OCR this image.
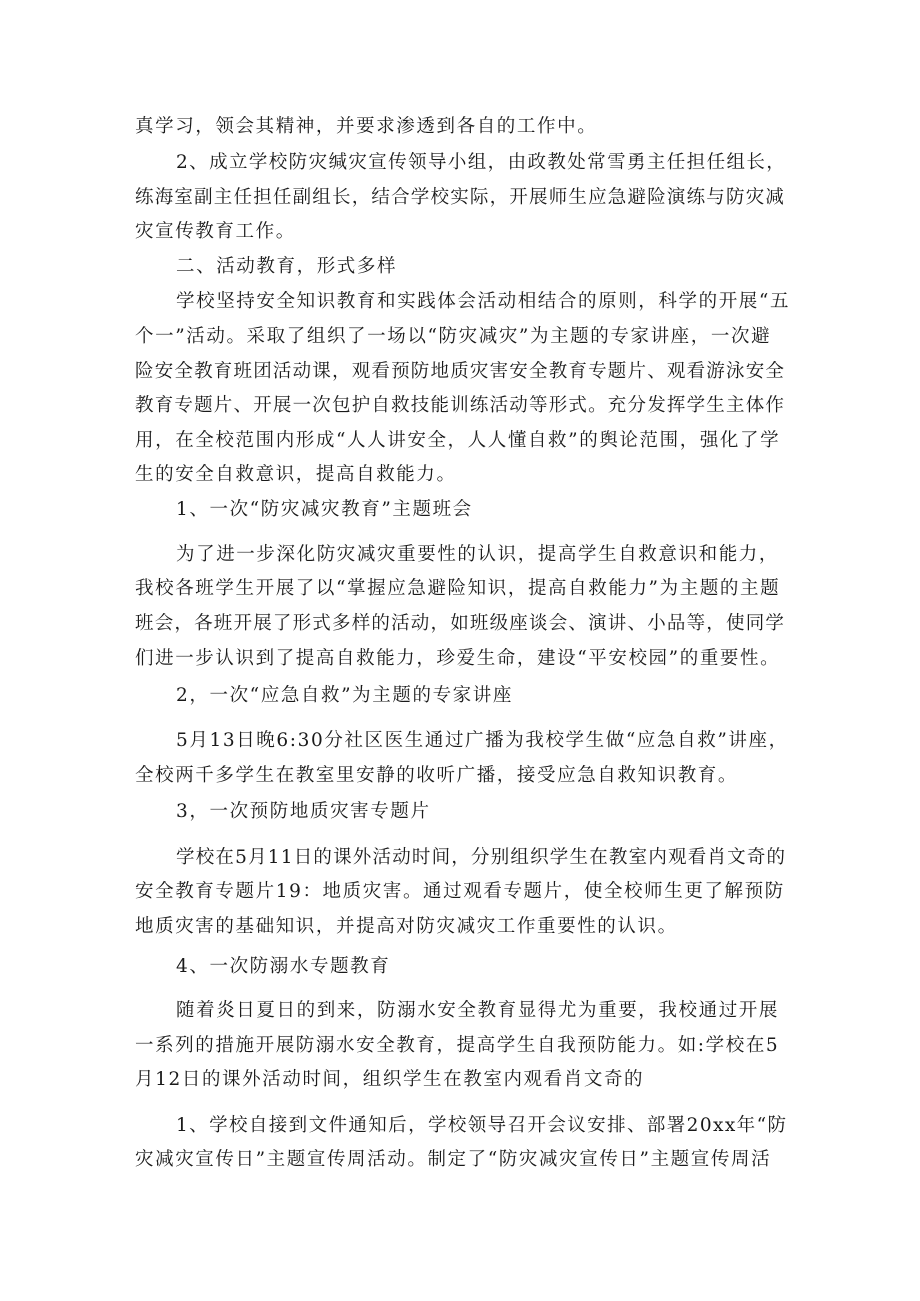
真学习，领会其精神，并要求渗透到各自的工作中。
2、成立学校防灾缄灾宣传领导小组，由政教处常雪勇主任担任组长，
练海室副主任担任副组长，结合学校实际，开展师生应急避险演练与防灾减
灾宣传教育工作。
二、活动教育，形式多样
学校坚持安全知识教育和实践体会活动相结合的原则，科学的开展“五
个一”活动。采取了组织了一场以“防灾减灾”为主题的专家讲座，一次避
险安全教育班团活动课，观看预防地质灾害安全教育专题片、观看游泳安全
教育专题片、开展一次包护自救技能训练活动等形式。充分发挥学生主体作
用，在全校范围内形成“人人讲安全，人人懂自救”的舆论范围，强化了学
生的安全自救意识，提高自救能力。
1、一次“防灾减灾教育”主题班会
为了进一步深化防灾减灾重要性的认识，提高学生自救意识和能力，
我校各班学生开展了以“掌握应急避险知识，提高自救能力”为主题的主题
班会，各班开展了形式多样的活动，如班级座谈会、演讲、小品等，使同学
们进一步认识到了提高自救能力，珍爱生命，建设“平安校园”的重要性。
2，一次“应急自救”为主题的专家讲座
5月13日晚6:30分社区医生通过广播为我校学生做“应急自救”讲座，
全校两千多学生在教室里安静的收听广播，接受应急自救知识教育。
3，一次预防地质灾害专题片
学校在5月11日的课外活动时间，分别组织学生在教室内观看肖文奇的
安全教育专题片19：地质灾害。通过观看专题片，使全校师生更了解预防
地质灾害的基础知识，并提高对防灾减灾工作重要性的认识。
4、一次防溺水专题教育
随着炎日夏日的到来，防溺水安全教育显得尤为重要，我校通过开展
一系列的措施开展防溺水安全教育，提高学生自我预防能力。如:学校在5
月12日的课外活动时间，组织学生在教室内观看肖文奇的
1、学校自接到文件通知后，学校领导召开会议安排、部署20xx年“防
灾减灾宣传日”主题宣传周活动。制定了“防灾减灾宣传日”主题宣传周活
